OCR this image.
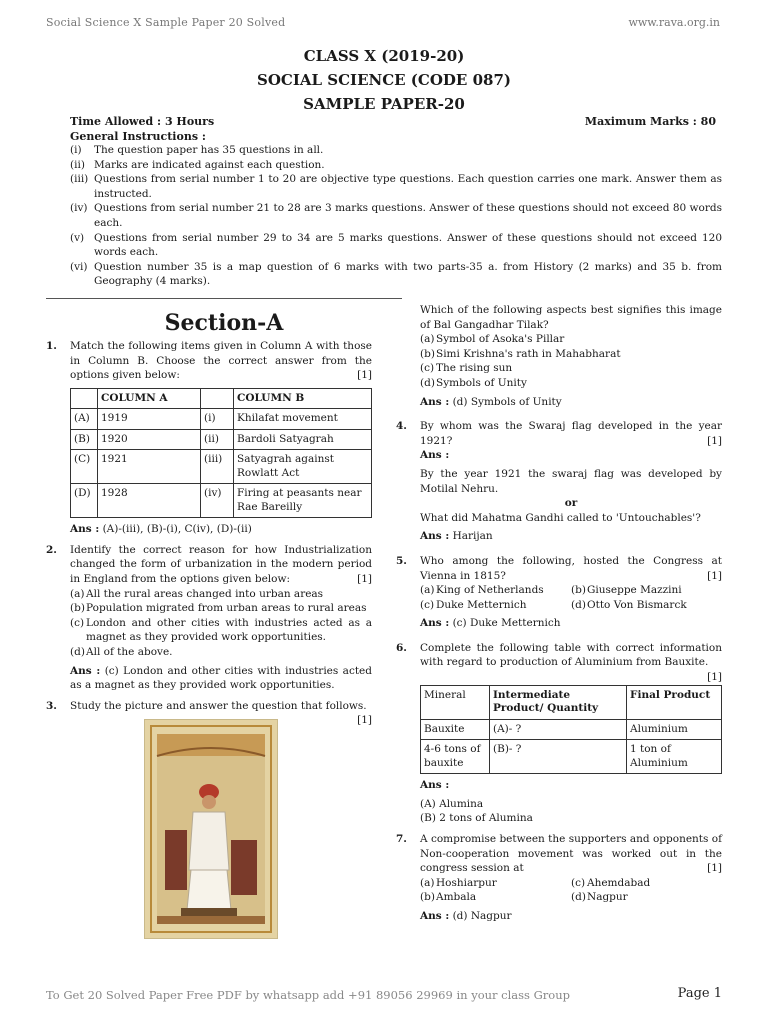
Social Science X Sample Paper 20 Solved	www.rava.org.in
CLASS X (2019-20)
SOCIAL SCIENCE (CODE 087)
SAMPLE PAPER-20
Time Allowed : 3 Hours
General Instructions :
Maximum Marks : 80
(i)	The question paper has 35 questions in all.
(ii) Marks are indicated against each question.
(iii) Questions from serial number 1 to 20 are objective type questions. Each question carries one mark. Answer them as instructed.
(iv) Questions from serial number 21 to 28 are 3 marks questions. Answer of these questions should not exceed 80 words each.
(v) Questions from serial number 29 to 34 are 5 marks questions. Answer of these questions should not exceed 120 words each.
(vi) Question number 35 is a map question of 6 marks with two parts-35 a. from History (2 marks) and 35 b. from Geography (4 marks).
Section-A
1. Match the following items given in Column A with those in Column B. Choose the correct answer from the options given below:	[1]
	COLUMN A		COLUMN B
(A)	1919	(i)	Khilafat movement
(B)	1920	(ii)	Bardoli Satyagrah
(C)	1921	(iii)	Satyagrah against Rowlatt Act
(D)	1928	(iv)	Firing at peasants near Rae Bareilly
Ans : (A)-(iii), (B)-(i), C(iv), (D)-(ii)
2. Identify the correct reason for how Industrialization changed the form of urbanization in the modern period in England from the options given below:	[1]
(a) All the rural areas changed into urban areas
(b) Population migrated from urban areas to rural areas
(c) London and other cities with industries acted as a magnet as they provided work opportunities.
(d) All of the above.
Ans : (c) London and other cities with industries acted as a magnet as they provided work opportunities.
3. Study the picture and answer the question that follows.
[1]
Which of the following aspects best signifies this image of Bal Gangadhar Tilak?
(a) Symbol of Asoka's Pillar
(b) Simi Krishna's rath in Mahabharat
(c) The rising sun
(d) Symbols of Unity
Ans : (d) Symbols of Unity
4. By whom was the Swaraj flag developed in the year 1921?	[1]
Ans :
By the year 1921 the swaraj flag was developed by Motilal Nehru.
or
What did Mahatma Gandhi called to 'Untouchables'?
Ans : Harijan
5. Who among the following, hosted the Congress at Vienna in 1815?	[1]
(a) King of Netherlands	(b) Giuseppe Mazzini
(c) Duke Metternich	(d) Otto Von Bismarck
Ans : (c) Duke Metternich
6. Complete the following table with correct information with regard to production of Aluminium from Bauxite.
[1]
Mineral	Intermediate Product/ Quantity	Final Product
Bauxite	(A)- ?	Aluminium
4-6 tons of bauxite	(B)- ?	1 ton of Aluminium
Ans :
(A) Alumina
(B) 2 tons of Alumina
7. A compromise between the supporters and opponents of Non-cooperation movement was worked out in the congress session at	[1]
(a) Hoshiarpur	(c) Ahemdabad
(b) Ambala	(d) Nagpur
Ans : (d) Nagpur
To Get 20 Solved Paper Free PDF by whatsapp add +91 89056 29969 in your class Group	Page 1
